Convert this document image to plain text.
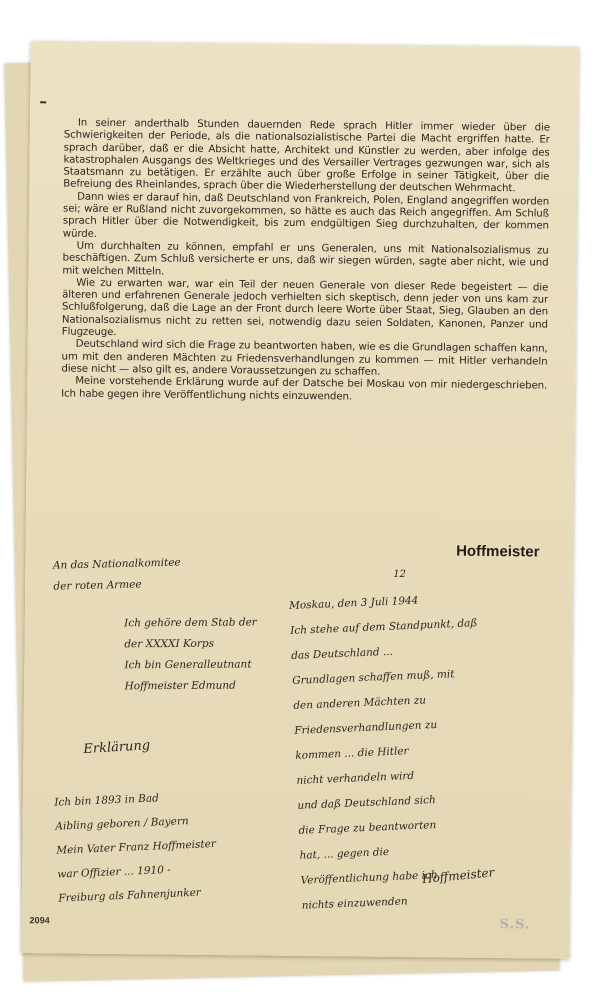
In seiner anderthalb Stunden dauernden Rede sprach Hitler immer wieder über die Schwierigkeiten der Periode, als die nationalsozialistische Partei die Macht ergriffen hatte. Er sprach darüber, daß er die Absicht hatte, Architekt und Künstler zu werden, aber infolge des katastrophalen Ausgangs des Weltkrieges und des Versailler Vertrages gezwungen war, sich als Staatsmann zu betätigen. Er erzählte auch über große Erfolge in seiner Tätigkeit, über die Befreiung des Rheinlandes, sprach über die Wiederherstellung der deutschen Wehrmacht.

Dann wies er darauf hin, daß Deutschland von Frankreich, Polen, England angegriffen worden sei; wäre er Rußland nicht zuvorgekommen, so hätte es auch das Reich angegriffen. Am Schluß sprach Hitler über die Notwendigkeit, bis zum endgültigen Sieg durchzuhalten, der kommen würde.

Um durchhalten zu können, empfahl er uns Generalen, uns mit Nationalsozialismus zu beschäftigen. Zum Schluß versicherte er uns, daß wir siegen würden, sagte aber nicht, wie und mit welchen Mitteln.

Wie zu erwarten war, war ein Teil der neuen Generale von dieser Rede begeistert — die älteren und erfahrenen Generale jedoch verhielten sich skeptisch, denn jeder von uns kam zur Schlußfolgerung, daß die Lage an der Front durch leere Worte über Staat, Sieg, Glauben an den Nationalsozialismus nicht zu retten sei, notwendig dazu seien Soldaten, Kanonen, Panzer und Flugzeuge.

Deutschland wird sich die Frage zu beantworten haben, wie es die Grundlagen schaffen kann, um mit den anderen Mächten zu Friedensverhandlungen zu kommen — mit Hitler verhandeln diese nicht — also gilt es, andere Voraussetzungen zu schaffen.

Meine vorstehende Erklärung wurde auf der Datsche bei Moskau von mir niedergeschrieben. Ich habe gegen ihre Veröffentlichung nichts einzuwenden.

Hoffmeister
An das Nationalkomitee
der roten Armee
12
Ich gehöre dem Stab der
der XXXXI Korps
Ich bin Generalleutnant
Hoffmeister Edmund
Erklärung
Ich bin 1893 in Bad
Aibling geboren / Bayern
Mein Vater Franz Hoffmeister
war Offizier ... 1910 -
Freiburg als Fahnenjunker
Moskau, den 3 Juli 1944
Ich stehe auf dem Standpunkt, daß
das Deutschland ...
Grundlagen schaffen muß, mit
den anderen Mächten zu
Friedensverhandlungen zu
kommen ... die Hitler
nicht verhandeln wird
und daß Deutschland sich
die Frage zu beantworten
hat, ... gegen die
Veröffentlichung habe ich
nichts einzuwenden
Hoffmeister
2094	S.S.
